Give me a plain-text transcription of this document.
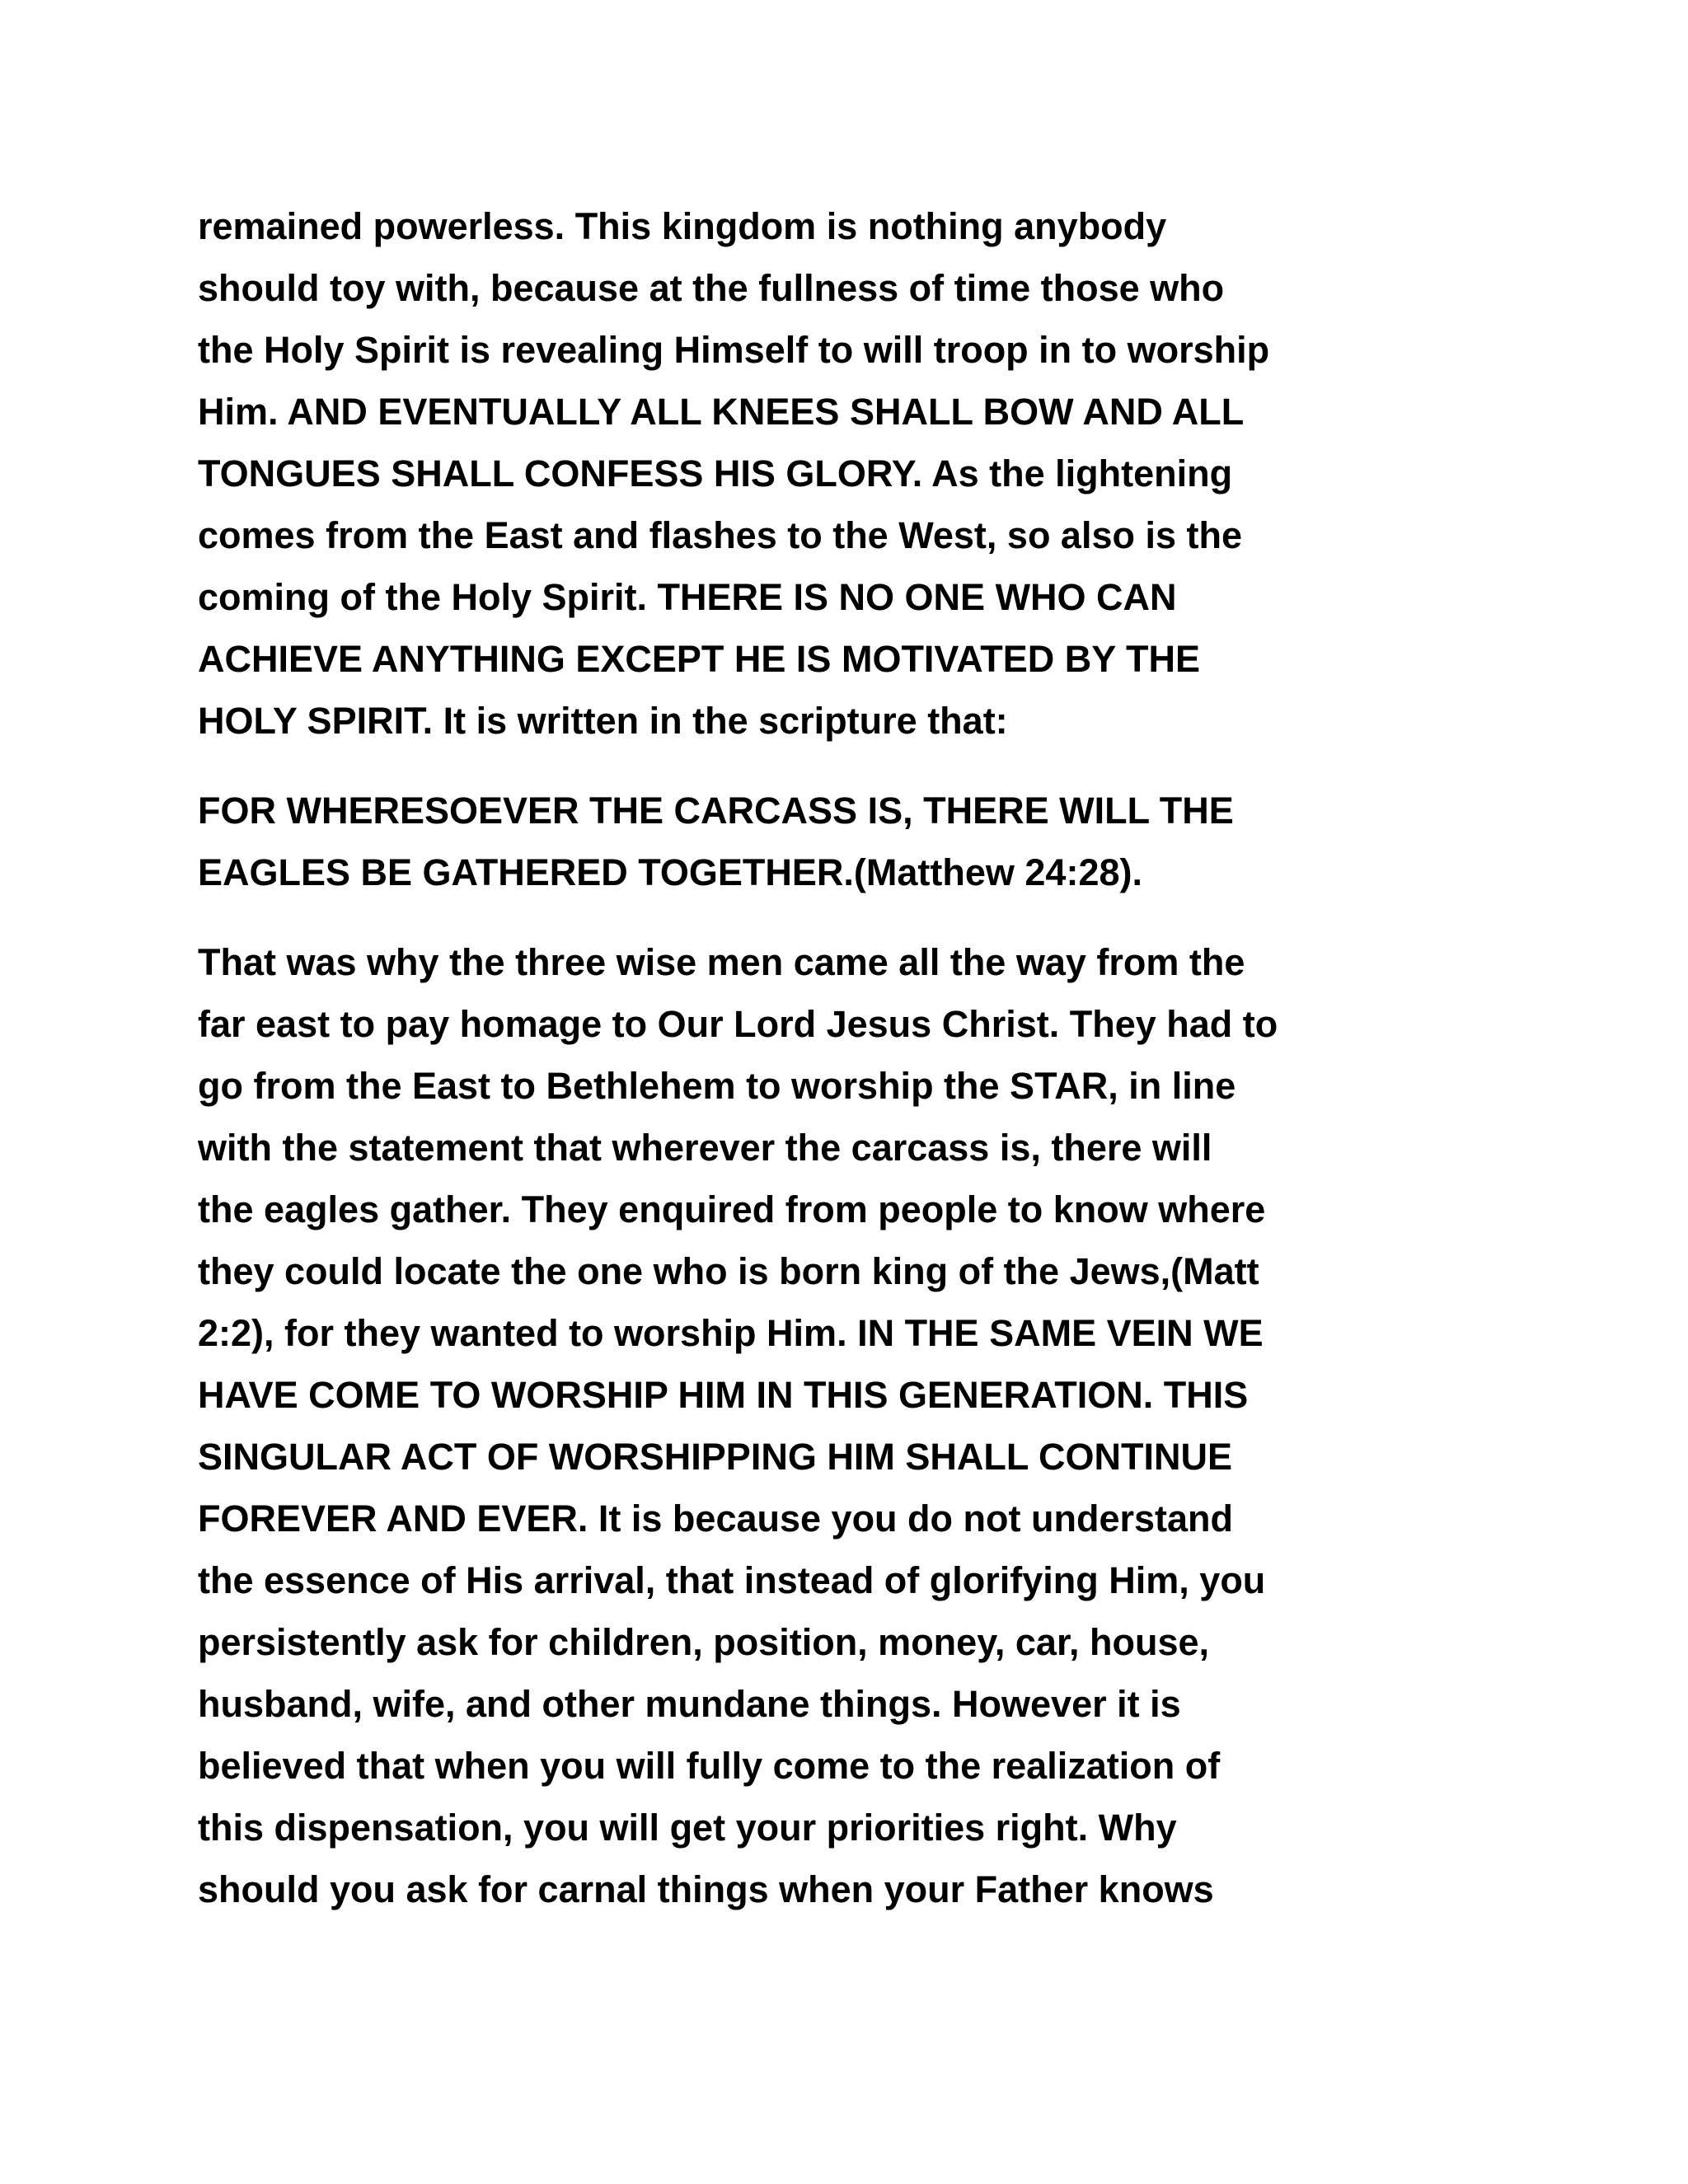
remained powerless. This kingdom is nothing anybody
should toy with, because at the fullness of time those who
the Holy Spirit is revealing Himself to will troop in to worship
Him. AND EVENTUALLY ALL KNEES SHALL BOW AND ALL
TONGUES SHALL CONFESS HIS GLORY. As the lightening
comes from the East and flashes to the West, so also is the
coming of the Holy Spirit. THERE IS NO ONE WHO CAN
ACHIEVE ANYTHING EXCEPT HE IS MOTIVATED BY THE
HOLY SPIRIT. It is written in the scripture that:
FOR WHERESOEVER THE CARCASS IS, THERE WILL THE
EAGLES BE GATHERED TOGETHER.(Matthew 24:28).
That was why the three wise men came all the way from the
far east to pay homage to Our Lord Jesus Christ. They had to
go from the East to Bethlehem to worship the STAR, in line
with the statement that wherever the carcass is, there will
the eagles gather. They enquired from people to know where
they could locate the one who is born king of the Jews,(Matt
2:2), for they wanted to worship Him. IN THE SAME VEIN WE
HAVE COME TO WORSHIP HIM IN THIS GENERATION. THIS
SINGULAR ACT OF WORSHIPPING HIM SHALL CONTINUE
FOREVER AND EVER. It is because you do not understand
the essence of His arrival, that instead of glorifying Him, you
persistently ask for children, position, money, car, house,
husband, wife, and other mundane things. However it is
believed that when you will fully come to the realization of
this dispensation, you will get your priorities right. Why
should you ask for carnal things when your Father knows
